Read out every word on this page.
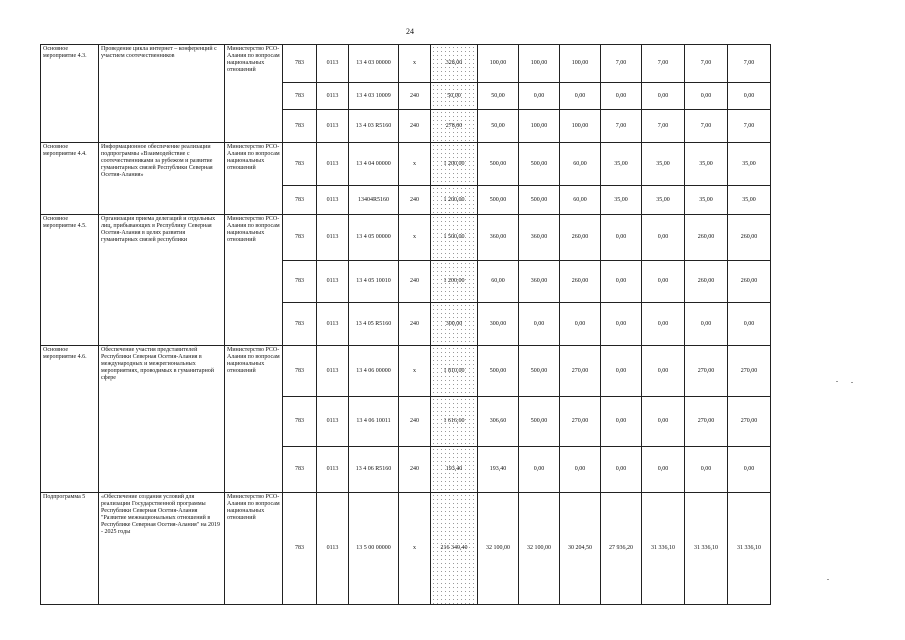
24
Основное мероприятие 4.3.	Проведение цикла интернет – конференций с участием соотечественников	Министерство РСО-Алания по вопросам национальных отношений	783	0113	13 4 03 00000	х	328,00	100,00	100,00	100,00	7,00	7,00	7,00	7,00
			783	0113	13 4 03 10009	240	50,00	50,00	0,00	0,00	0,00	0,00	0,00	0,00
			783	0113	13 4 03 R5160	240	278,00	50,00	100,00	100,00	7,00	7,00	7,00	7,00
Основное мероприятие 4.4.	Информационное обеспечение реализации подпрограммы «Взаимодействие с соотечественниками за рубежом и развитие гуманитарных связей Республики Северная Осетия-Алания»	Министерство РСО-Алания по вопросам национальных отношений	783	0113	13 4 04 00000	х	1 200,00	500,00	500,00	60,00	35,00	35,00	35,00	35,00
			783	0113	13404R5160	240	1 200,00	500,00	500,00	60,00	35,00	35,00	35,00	35,00
Основное мероприятие 4.5.	Организация приема делегаций и отдельных лиц, прибывающих в Республику Северная Осетия-Алания в целях развития гуманитарных связей республики	Министерство РСО-Алания по вопросам национальных отношений	783	0113	13 4 05 00000	х	1 500,00	360,00	360,00	260,00	0,00	0,00	260,00	260,00
			783	0113	13 4 05 10010	240	1 200,00	60,00	360,00	260,00	0,00	0,00	260,00	260,00
			783	0113	13 4 05 R5160	240	300,00	300,00	0,00	0,00	0,00	0,00	0,00	0,00
Основное мероприятие 4.6.	Обеспечение участия представителей Республики Северная Осетия-Алания в международных и межрегиональных мероприятиях, проводимых в гуманитарной сфере	Министерство РСО-Алания по вопросам национальных отношений	783	0113	13 4 06 00000	х	1 810,00	500,00	500,00	270,00	0,00	0,00	270,00	270,00
			783	0113	13 4 06 10011	240	1 616,60	306,60	500,00	270,00	0,00	0,00	270,00	270,00
			783	0113	13 4 06 R5160	240	193,40	193,40	0,00	0,00	0,00	0,00	0,00	0,00
Подпрограмма 5	«Обеспечение создания условий для реализации Государственной программы Республики Северная Осетия-Алания "Развитие межнациональных отношений в Республике Северная Осетия-Алания" на 2019 - 2025 годы	Министерство РСО-Алания по вопросам национальных отношений	783	0113	13 5 00 00000	х	216 349,40	32 100,00	32 100,00	30 204,50	27 936,20	31 336,10	31 336,10	31 336,10
